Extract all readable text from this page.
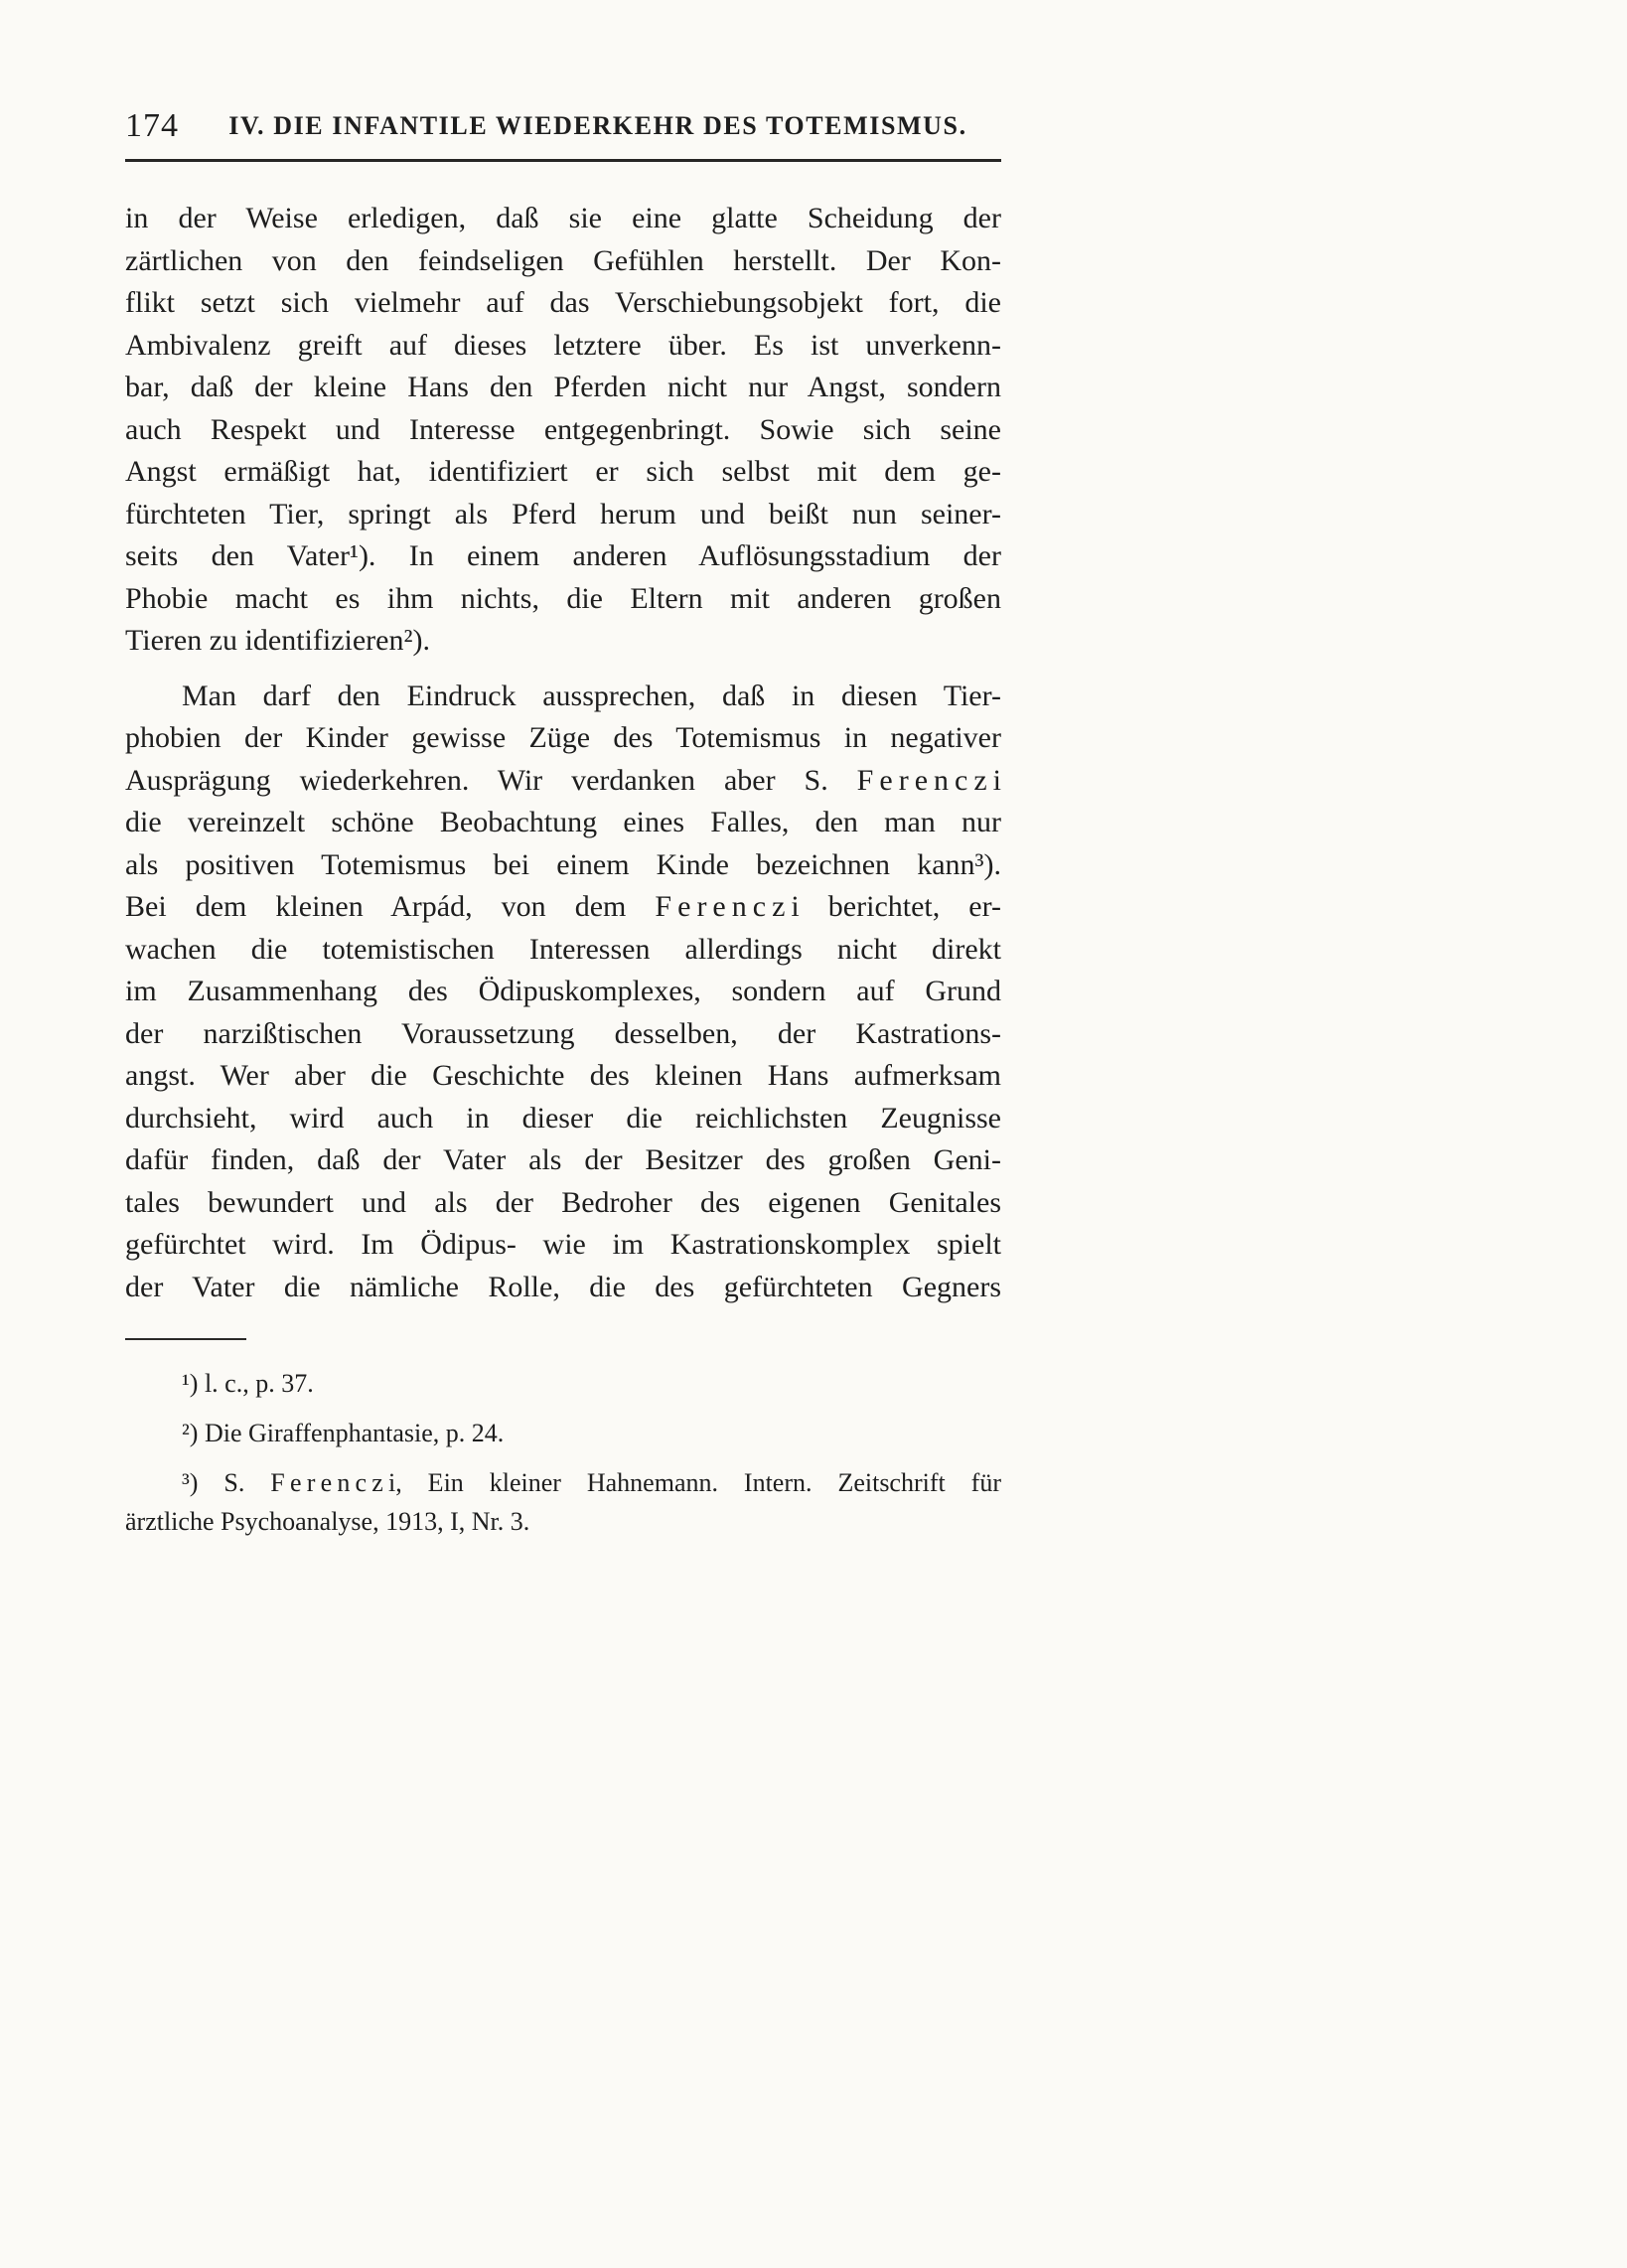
174	IV. DIE INFANTILE WIEDERKEHR DES TOTEMISMUS.
in der Weise erledigen, daß sie eine glatte Scheidung der
zärtlichen von den feindseligen Gefühlen herstellt. Der Kon-
flikt setzt sich vielmehr auf das Verschiebungsobjekt fort, die
Ambivalenz greift auf dieses letztere über. Es ist unverkenn-
bar, daß der kleine Hans den Pferden nicht nur Angst, sondern
auch Respekt und Interesse entgegenbringt. Sowie sich seine
Angst ermäßigt hat, identifiziert er sich selbst mit dem ge-
fürchteten Tier, springt als Pferd herum und beißt nun seiner-
seits den Vater¹). In einem anderen Auflösungsstadium der
Phobie macht es ihm nichts, die Eltern mit anderen großen
Tieren zu identifizieren²).
Man darf den Eindruck aussprechen, daß in diesen Tier-
phobien der Kinder gewisse Züge des Totemismus in negativer
Ausprägung wiederkehren. Wir verdanken aber S. F e r e n c z i
die vereinzelt schöne Beobachtung eines Falles, den man nur
als positiven Totemismus bei einem Kinde bezeichnen kann³).
Bei dem kleinen Arpád, von dem F e r e n c z i berichtet, er-
wachen die totemistischen Interessen allerdings nicht direkt
im Zusammenhang des Ödipuskomplexes, sondern auf Grund
der narzißtischen Voraussetzung desselben, der Kastrations-
angst. Wer aber die Geschichte des kleinen Hans aufmerksam
durchsieht, wird auch in dieser die reichlichsten Zeugnisse
dafür finden, daß der Vater als der Besitzer des großen Geni-
tales bewundert und als der Bedroher des eigenen Genitales
gefürchtet wird. Im Ödipus- wie im Kastrationskomplex spielt
der Vater die nämliche Rolle, die des gefürchteten Gegners
¹) l. c., p. 37.
²) Die Giraffenphantasie, p. 24.
³) S. F e r e n c z i, Ein kleiner Hahnemann. Intern. Zeitschrift für
ärztliche Psychoanalyse, 1913, I, Nr. 3.
